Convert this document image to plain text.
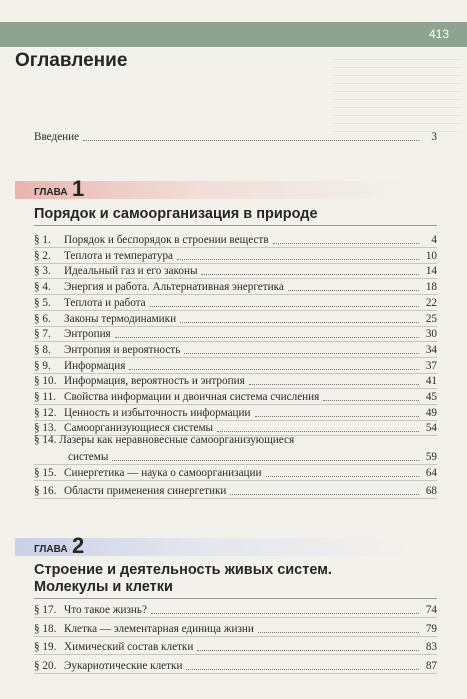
413
Оглавление
Введение	3
ГЛАВА 1
Порядок и самоорганизация в природе
§ 1. Порядок и беспорядок в строении веществ	4
§ 2. Теплота и температура	10
§ 3. Идеальный газ и его законы	14
§ 4. Энергия и работа. Альтернативная энергетика	18
§ 5. Теплота и работа	22
§ 6. Законы термодинамики	25
§ 7. Энтропия	30
§ 8. Энтропия и вероятность	34
§ 9. Информация	37
§ 10. Информация, вероятность и энтропия	41
§ 11. Свойства информации и двоичная система счисления	45
§ 12. Ценность и избыточность информации	49
§ 13. Самоорганизующиеся системы	54
§ 14. Лазеры как неравновесные самоорганизующиеся
системы	59
§ 15. Синергетика — наука о самоорганизации	64
§ 16. Области применения синергетики	68
ГЛАВА 2
Строение и деятельность живых систем.
Молекулы и клетки
§ 17. Что такое жизнь?	74
§ 18. Клетка — элементарная единица жизни	79
§ 19. Химический состав клетки	83
§ 20. Эукариотические клетки	87
